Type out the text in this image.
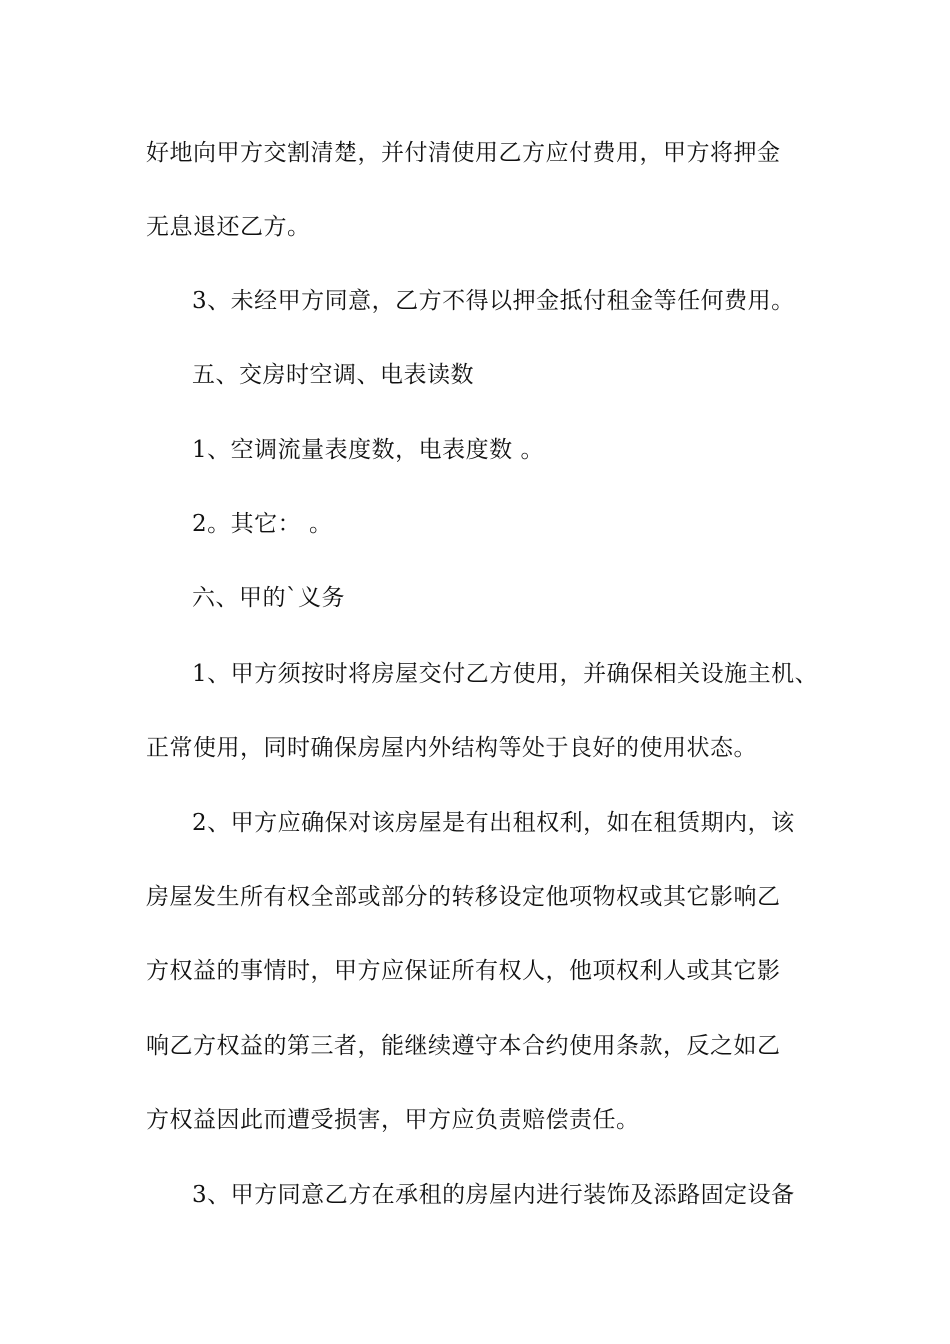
好地向甲方交割清楚，并付清使用乙方应付费用，甲方将押金
无息退还乙方。
3、未经甲方同意，乙方不得以押金抵付租金等任何费用。
五、交房时空调、电表读数
1、空调流量表度数，电表度数 。
2。其它： 。
六、甲的`义务
1、甲方须按时将房屋交付乙方使用，并确保相关设施主机、
正常使用，同时确保房屋内外结构等处于良好的使用状态。
2、甲方应确保对该房屋是有出租权利，如在租赁期内，该
房屋发生所有权全部或部分的转移设定他项物权或其它影响乙
方权益的事情时，甲方应保证所有权人，他项权利人或其它影
响乙方权益的第三者，能继续遵守本合约使用条款，反之如乙
方权益因此而遭受损害，甲方应负责赔偿责任。
3、甲方同意乙方在承租的房屋内进行装饰及添路固定设备
